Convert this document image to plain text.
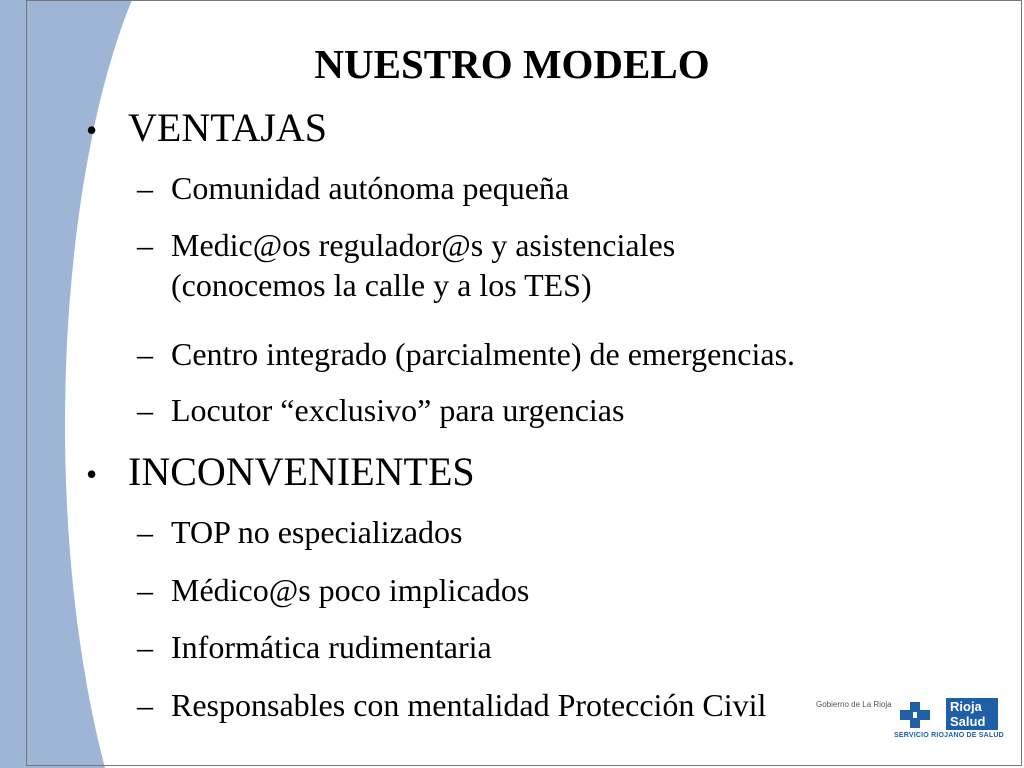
NUESTRO MODELO
• VENTAJAS
– Comunidad autónoma pequeña
– Medic@os regulador@s y asistenciales
(conocemos la calle y a los TES)
– Centro integrado (parcialmente) de emergencias.
– Locutor “exclusivo” para urgencias
• INCONVENIENTES
– TOP no especializados
– Médico@s poco implicados
– Informática rudimentaria
– Responsables con mentalidad Protección Civil	Gobierno de La Rioja	Rioja
Salud
SERVICIO RIOJANO DE SALUD
